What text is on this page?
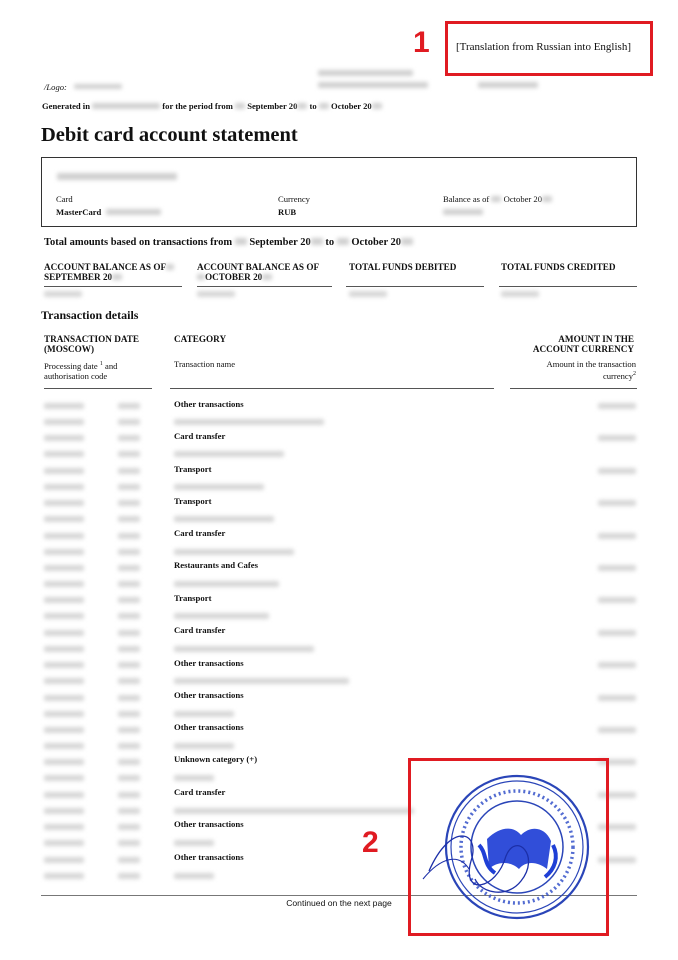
1 [Translation from Russian into English]
/Logo:
Generated in	for the period from September 20 to October 20
Debit card account statement
Card
MasterCard
Currency
RUB
Balance as of October 20
Total amounts based on transactions from September 20 to October 20
ACCOUNT BALANCE AS OF
SEPTEMBER 20
ACCOUNT BALANCE AS OF
OCTOBER 20
TOTAL FUNDS DEBITED	TOTAL FUNDS CREDITED
Transaction details
TRANSACTION DATE
(MOSCOW)
Processing date $^1$ and
authorisation code
CATEGORY
Transaction name
AMOUNT IN THE
ACCOUNT CURRENCY
Amount in the transaction
currency$^2$
Other transactions
Card transfer
Transport
Transport
Card transfer
Restaurants and Cafes
Transport
Card transfer
Other transactions
Other transactions
Other transactions
Unknown category (+)
Card transfer
Other transactions
Other transactions
Continued on the next page
2
